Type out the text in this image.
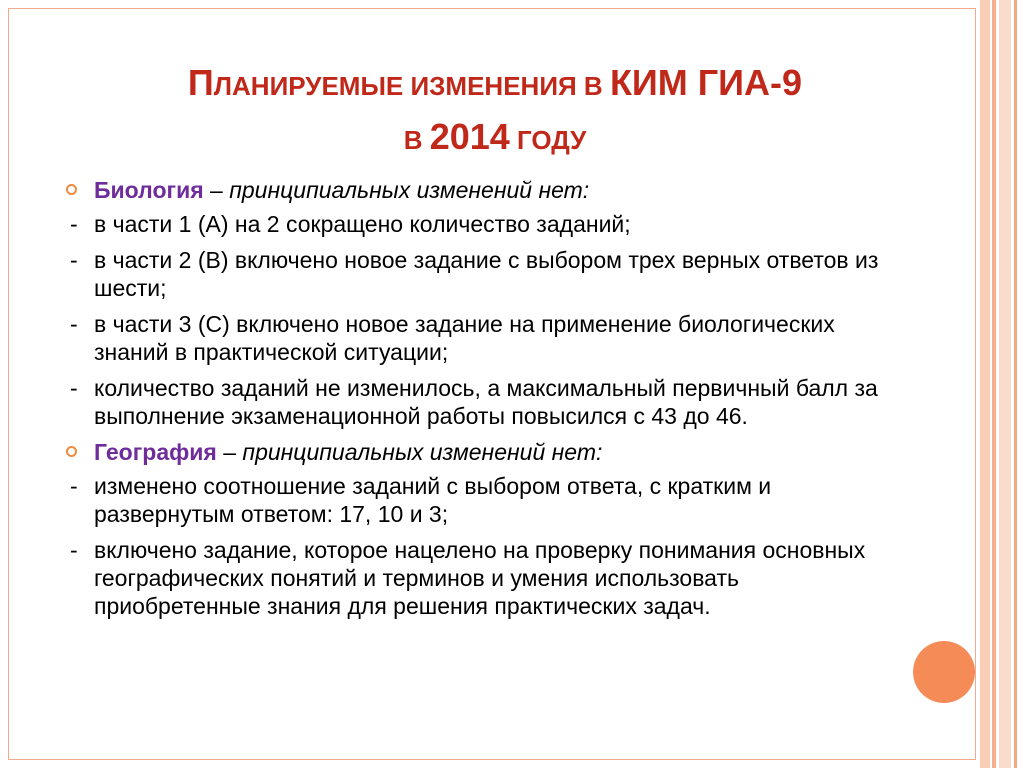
ПЛАНИРУЕМЫЕ ИЗМЕНЕНИЯ В КИМ ГИА-9
В 2014 ГОДУ
Биология – принципиальных изменений нет:
- в части 1 (А) на 2 сокращено количество заданий;
- в части 2 (В) включено новое задание с выбором трех верных ответов из шести;
- в части 3 (С) включено новое задание на применение биологических знаний в практической ситуации;
- количество заданий не изменилось, а максимальный первичный балл за выполнение экзаменационной работы повысился с 43 до 46.
География – принципиальных изменений нет:
- изменено соотношение заданий с выбором ответа, с кратким и развернутым ответом: 17, 10 и 3;
- включено задание, которое нацелено на проверку понимания основных географических понятий и терминов и умения использовать приобретенные знания для решения практических задач.
